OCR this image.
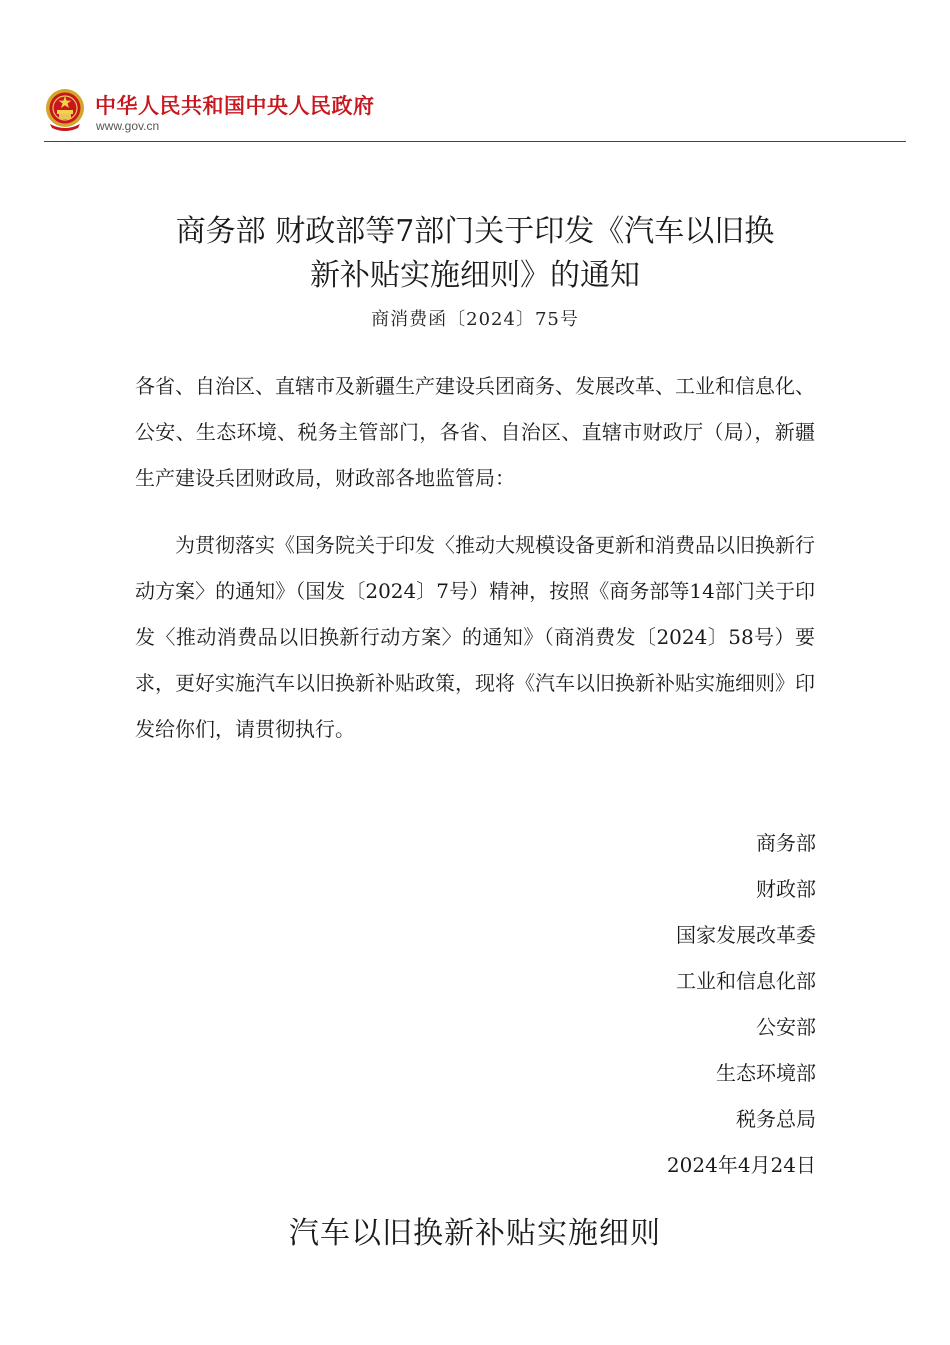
中华人民共和国中央人民政府
www.gov.cn
商务部 财政部等7部门关于印发《汽车以旧换
新补贴实施细则》的通知
商消费函〔2024〕75号
各省、自治区、直辖市及新疆生产建设兵团商务、发展改革、工业和信息化、公安、生态环境、税务主管部门，各省、自治区、直辖市财政厅（局），新疆生产建设兵团财政局，财政部各地监管局：
为贯彻落实《国务院关于印发〈推动大规模设备更新和消费品以旧换新行动方案〉的通知》（国发〔2024〕7号）精神，按照《商务部等14部门关于印发〈推动消费品以旧换新行动方案〉的通知》（商消费发〔2024〕58号）要求，更好实施汽车以旧换新补贴政策，现将《汽车以旧换新补贴实施细则》印发给你们，请贯彻执行。
商务部
财政部
国家发展改革委
工业和信息化部
公安部
生态环境部
税务总局
2024年4月24日
汽车以旧换新补贴实施细则
